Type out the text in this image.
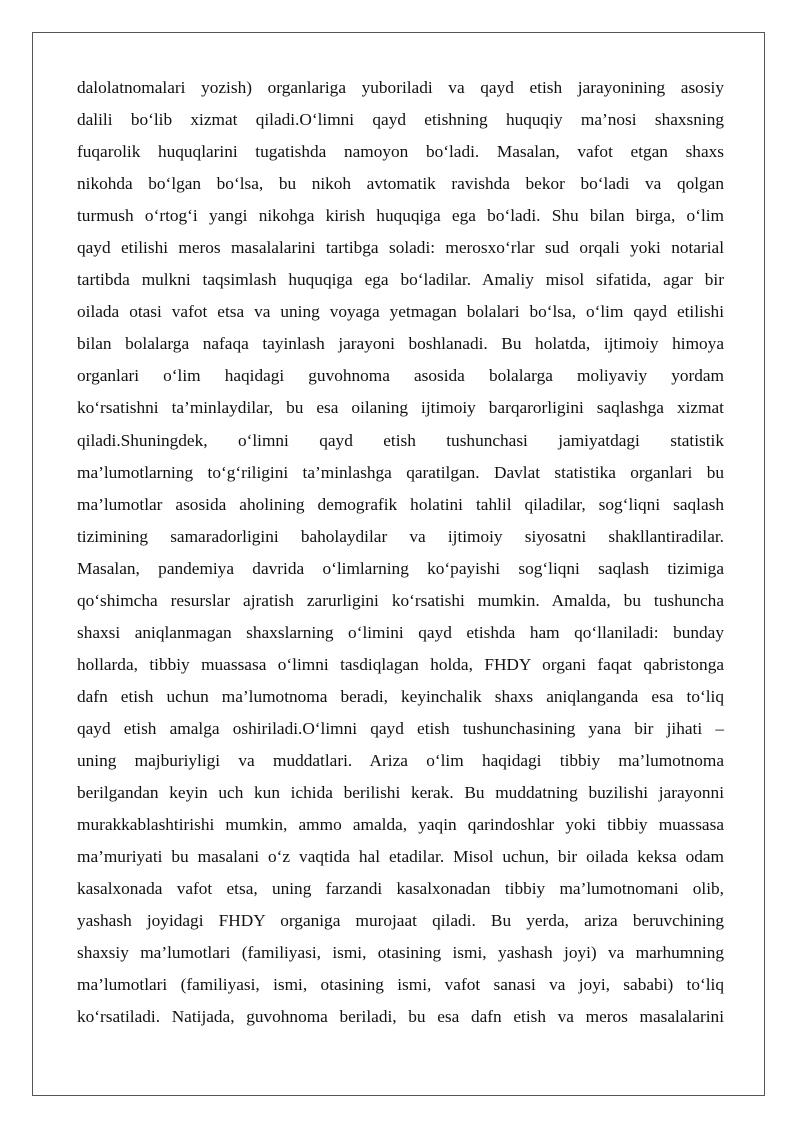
dalolatnomalari yozish) organlariga yuboriladi va qayd etish jarayonining asosiy
dalili bo‘lib xizmat qiladi.O‘limni qayd etishning huquqiy ma’nosi shaxsning
fuqarolik huquqlarini tugatishda namoyon bo‘ladi. Masalan, vafot etgan shaxs
nikohda bo‘lgan bo‘lsa, bu nikoh avtomatik ravishda bekor bo‘ladi va qolgan
turmush o‘rtog‘i yangi nikohga kirish huquqiga ega bo‘ladi. Shu bilan birga, o‘lim
qayd etilishi meros masalalarini tartibga soladi: merosxo‘rlar sud orqali yoki notarial
tartibda mulkni taqsimlash huquqiga ega bo‘ladilar. Amaliy misol sifatida, agar bir
oilada otasi vafot etsa va uning voyaga yetmagan bolalari bo‘lsa, o‘lim qayd etilishi
bilan bolalarga nafaqa tayinlash jarayoni boshlanadi. Bu holatda, ijtimoiy himoya
organlari o‘lim haqidagi guvohnoma asosida bolalarga moliyaviy yordam
ko‘rsatishni ta’minlaydilar, bu esa oilaning ijtimoiy barqarorligini saqlashga xizmat
qiladi.Shuningdek, o‘limni qayd etish tushunchasi jamiyatdagi statistik
ma’lumotlarning to‘g‘riligini ta’minlashga qaratilgan. Davlat statistika organlari bu
ma’lumotlar asosida aholining demografik holatini tahlil qiladilar, sog‘liqni saqlash
tizimining samaradorligini baholaydilar va ijtimoiy siyosatni shakllantiradilar.
Masalan, pandemiya davrida o‘limlarning ko‘payishi sog‘liqni saqlash tizimiga
qo‘shimcha resurslar ajratish zarurligini ko‘rsatishi mumkin. Amalda, bu tushuncha
shaxsi aniqlanmagan shaxslarning o‘limini qayd etishda ham qo‘llaniladi: bunday
hollarda, tibbiy muassasa o‘limni tasdiqlagan holda, FHDY organi faqat qabristonga
dafn etish uchun ma’lumotnoma beradi, keyinchalik shaxs aniqlanganda esa to‘liq
qayd etish amalga oshiriladi.O‘limni qayd etish tushunchasining yana bir jihati –
uning majburiyligi va muddatlari. Ariza o‘lim haqidagi tibbiy ma’lumotnoma
berilgandan keyin uch kun ichida berilishi kerak. Bu muddatning buzilishi jarayonni
murakkablashtirishi mumkin, ammo amalda, yaqin qarindoshlar yoki tibbiy muassasa
ma’muriyati bu masalani o‘z vaqtida hal etadilar. Misol uchun, bir oilada keksa odam
kasalxonada vafot etsa, uning farzandi kasalxonadan tibbiy ma’lumotnomani olib,
yashash joyidagi FHDY organiga murojaat qiladi. Bu yerda, ariza beruvchining
shaxsiy ma’lumotlari (familiyasi, ismi, otasining ismi, yashash joyi) va marhumning
ma’lumotlari (familiyasi, ismi, otasining ismi, vafot sanasi va joyi, sababi) to‘liq
ko‘rsatiladi. Natijada, guvohnoma beriladi, bu esa dafn etish va meros masalalarini
